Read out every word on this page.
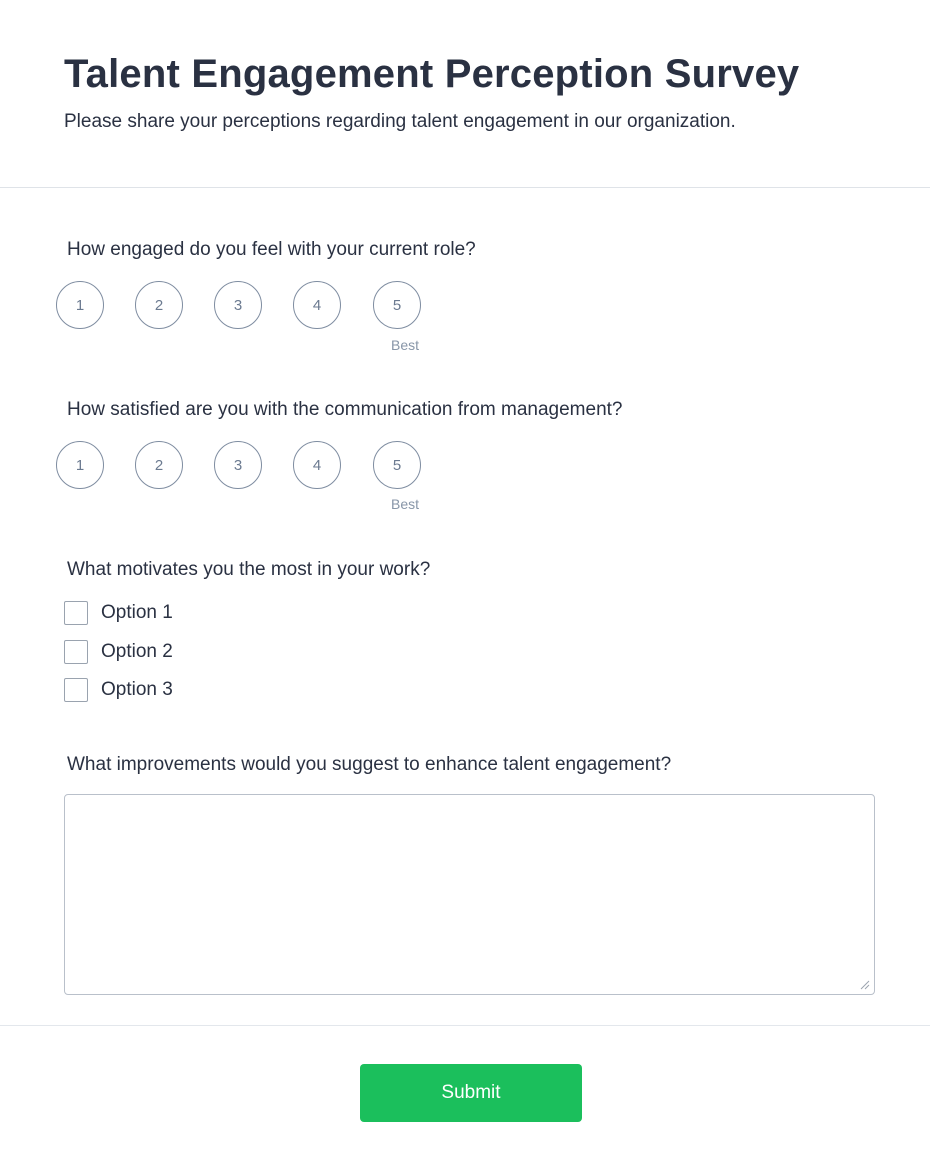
Talent Engagement Perception Survey

Please share your perceptions regarding talent engagement in our organization.

How engaged do you feel with your current role?
1	2	3	4	5
Best
How satisfied are you with the communication from management?
1	2	3	4	5
Best
What motivates you the most in your work?
Option 1
Option 2
Option 3
What improvements would you suggest to enhance talent engagement?
Submit
